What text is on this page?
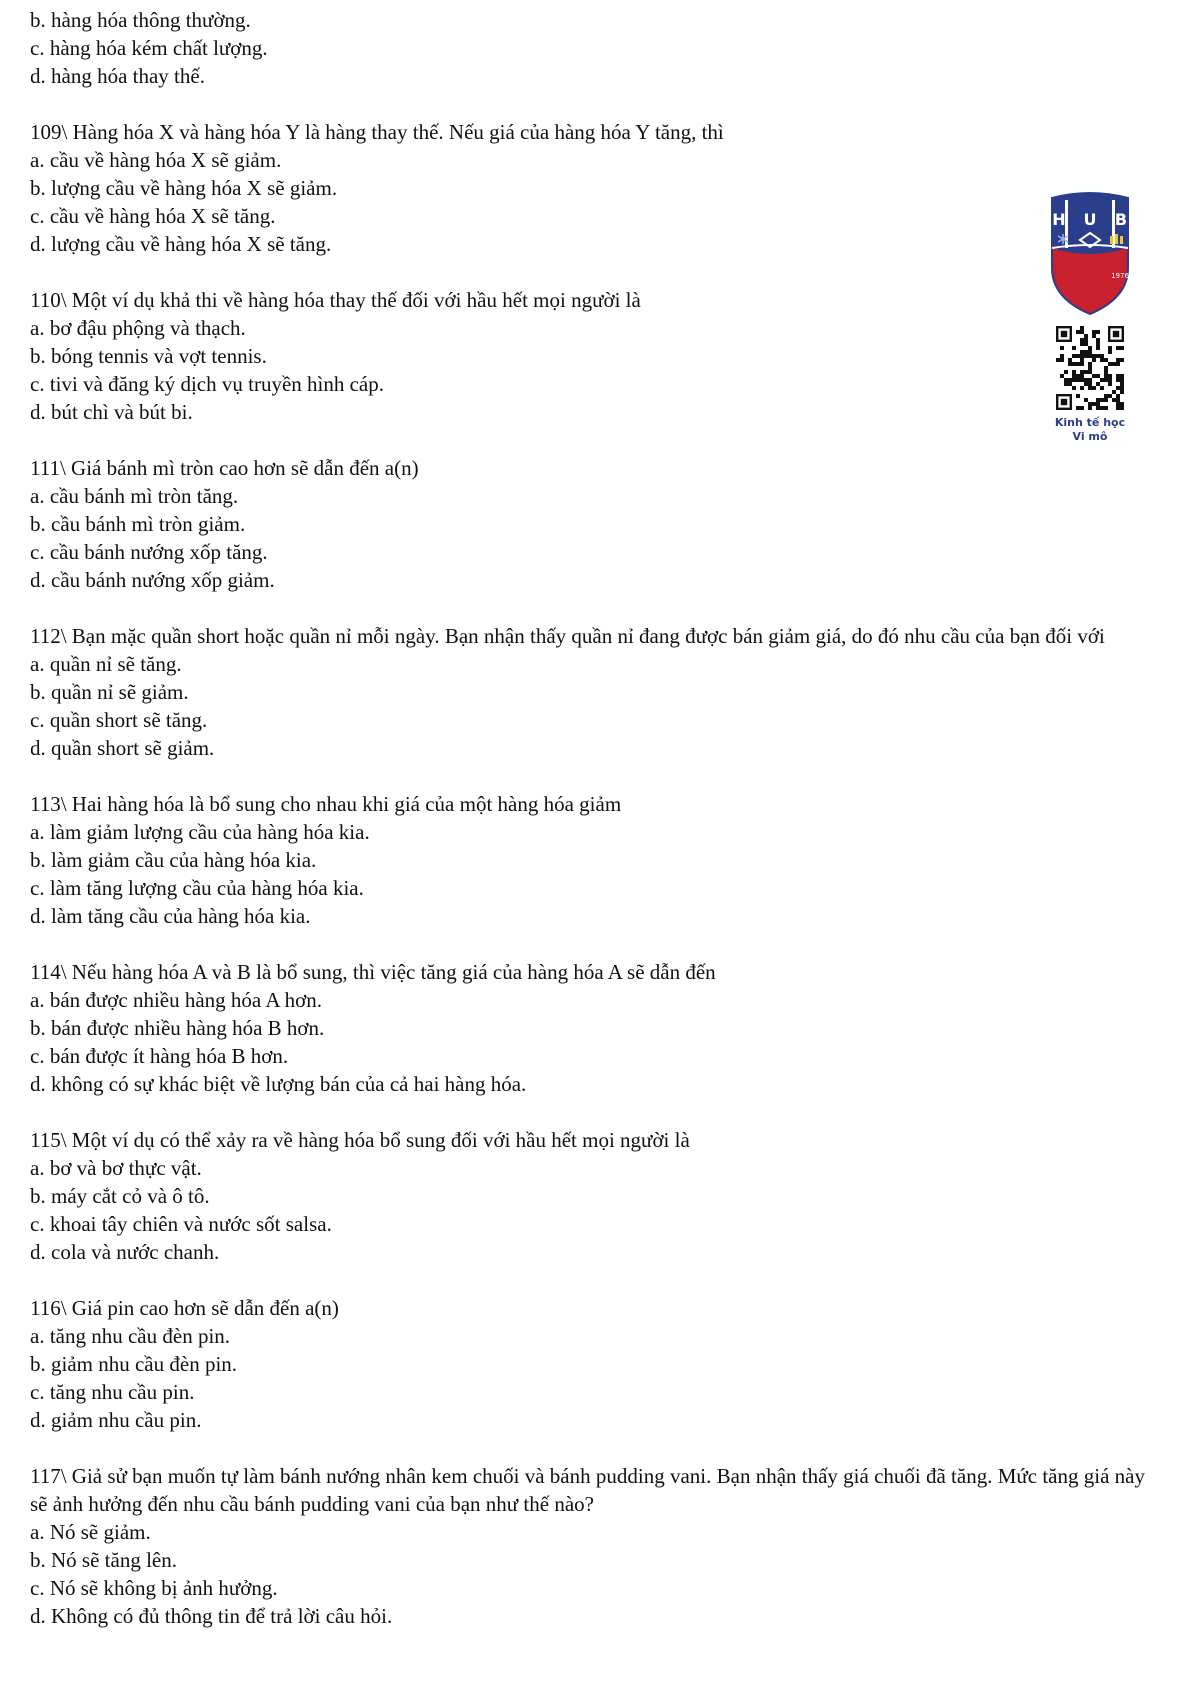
b. hàng hóa thông thường.
c. hàng hóa kém chất lượng.
d. hàng hóa thay thế.
109\ Hàng hóa X và hàng hóa Y là hàng thay thế. Nếu giá của hàng hóa Y tăng, thì
a. cầu về hàng hóa X sẽ giảm.
b. lượng cầu về hàng hóa X sẽ giảm.
c. cầu về hàng hóa X sẽ tăng.
d. lượng cầu về hàng hóa X sẽ tăng.
110\ Một ví dụ khả thi về hàng hóa thay thế đối với hầu hết mọi người là
a. bơ đậu phộng và thạch.
b. bóng tennis và vợt tennis.
c. tivi và đăng ký dịch vụ truyền hình cáp.
d. bút chì và bút bi.
111\ Giá bánh mì tròn cao hơn sẽ dẫn đến a(n)
a. cầu bánh mì tròn tăng.
b. cầu bánh mì tròn giảm.
c. cầu bánh nướng xốp tăng.
d. cầu bánh nướng xốp giảm.
112\ Bạn mặc quần short hoặc quần nỉ mỗi ngày. Bạn nhận thấy quần nỉ đang được bán giảm giá, do đó nhu cầu của bạn đối với
a. quần nỉ sẽ tăng.
b. quần nỉ sẽ giảm.
c. quần short sẽ tăng.
d. quần short sẽ giảm.
113\ Hai hàng hóa là bổ sung cho nhau khi giá của một hàng hóa giảm
a. làm giảm lượng cầu của hàng hóa kia.
b. làm giảm cầu của hàng hóa kia.
c. làm tăng lượng cầu của hàng hóa kia.
d. làm tăng cầu của hàng hóa kia.
114\ Nếu hàng hóa A và B là bổ sung, thì việc tăng giá của hàng hóa A sẽ dẫn đến
a. bán được nhiều hàng hóa A hơn.
b. bán được nhiều hàng hóa B hơn.
c. bán được ít hàng hóa B hơn.
d. không có sự khác biệt về lượng bán của cả hai hàng hóa.
115\ Một ví dụ có thể xảy ra về hàng hóa bổ sung đối với hầu hết mọi người là
a. bơ và bơ thực vật.
b. máy cắt cỏ và ô tô.
c. khoai tây chiên và nước sốt salsa.
d. cola và nước chanh.
116\ Giá pin cao hơn sẽ dẫn đến a(n)
a. tăng nhu cầu đèn pin.
b. giảm nhu cầu đèn pin.
c. tăng nhu cầu pin.
d. giảm nhu cầu pin.
117\ Giả sử bạn muốn tự làm bánh nướng nhân kem chuối và bánh pudding vani. Bạn nhận thấy giá chuối đã tăng. Mức tăng giá này sẽ ảnh hưởng đến nhu cầu bánh pudding vani của bạn như thế nào?
a. Nó sẽ giảm.
b. Nó sẽ tăng lên.
c. Nó sẽ không bị ảnh hưởng.
d. Không có đủ thông tin để trả lời câu hỏi.
H U B
1976
Kinh tế học
Vi mô
